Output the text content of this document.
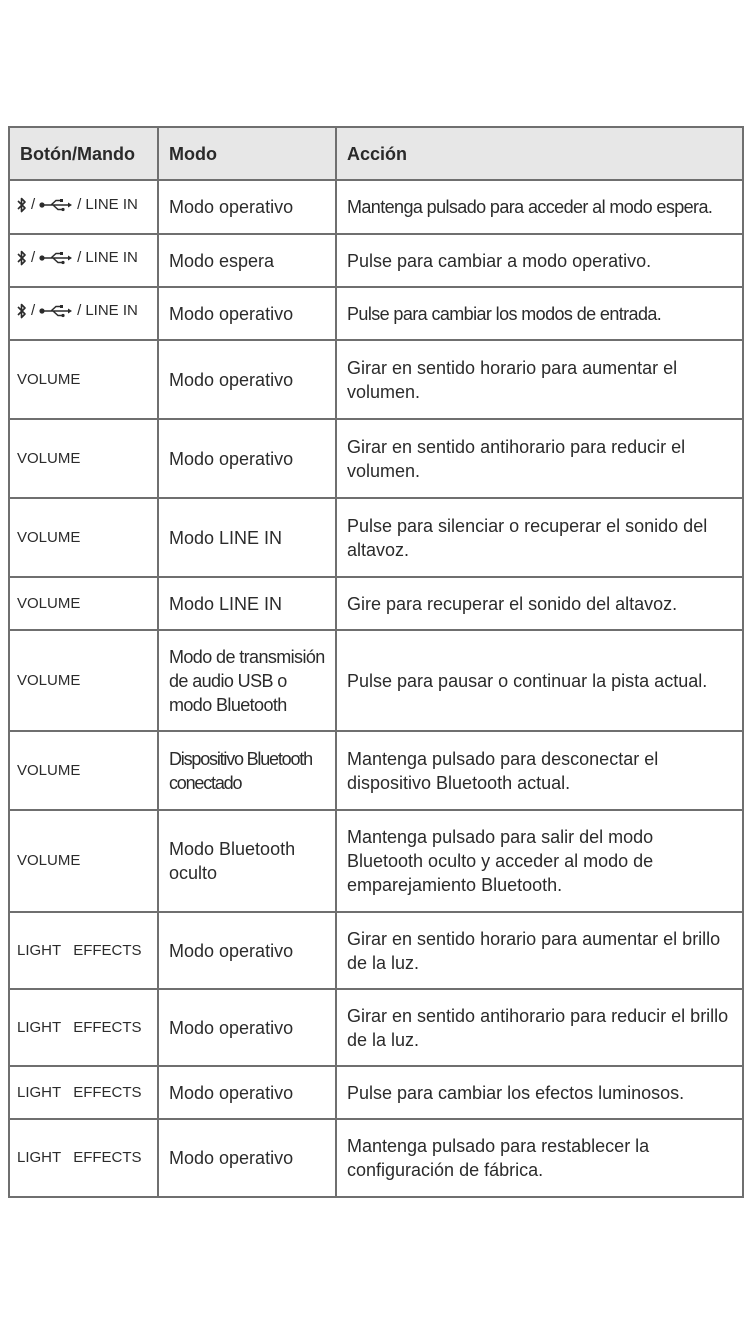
Botón/Mando	Modo	Acción

/ / LINE IN	Modo operativo	Mantenga pulsado para acceder al modo espera.

/ / LINE IN	Modo espera	Pulse para cambiar a modo operativo.

/ / LINE IN	Modo operativo	Pulse para cambiar los modos de entrada.
VOLUME	Modo operativo	Girar en sentido horario para aumentar el volumen.
VOLUME	Modo operativo	Girar en sentido antihorario para reducir el volumen.
VOLUME	Modo LINE IN	Pulse para silenciar o recuperar el sonido del altavoz.
VOLUME	Modo LINE IN	Gire para recuperar el sonido del altavoz.
VOLUME	Modo de transmisión de audio USB o modo Bluetooth	Pulse para pausar o continuar la pista actual.
VOLUME	Dispositivo Bluetooth conectado	Mantenga pulsado para desconectar el dispositivo Bluetooth actual.
VOLUME	Modo Bluetooth oculto	Mantenga pulsado para salir del modo Bluetooth oculto y acceder al modo de emparejamiento Bluetooth.
LIGHT EFFECTS	Modo operativo	Girar en sentido horario para aumentar el brillo de la luz.
LIGHT EFFECTS	Modo operativo	Girar en sentido antihorario para reducir el brillo de la luz.
LIGHT EFFECTS	Modo operativo	Pulse para cambiar los efectos luminosos.
LIGHT EFFECTS	Modo operativo	Mantenga pulsado para restablecer la configuración de fábrica.
